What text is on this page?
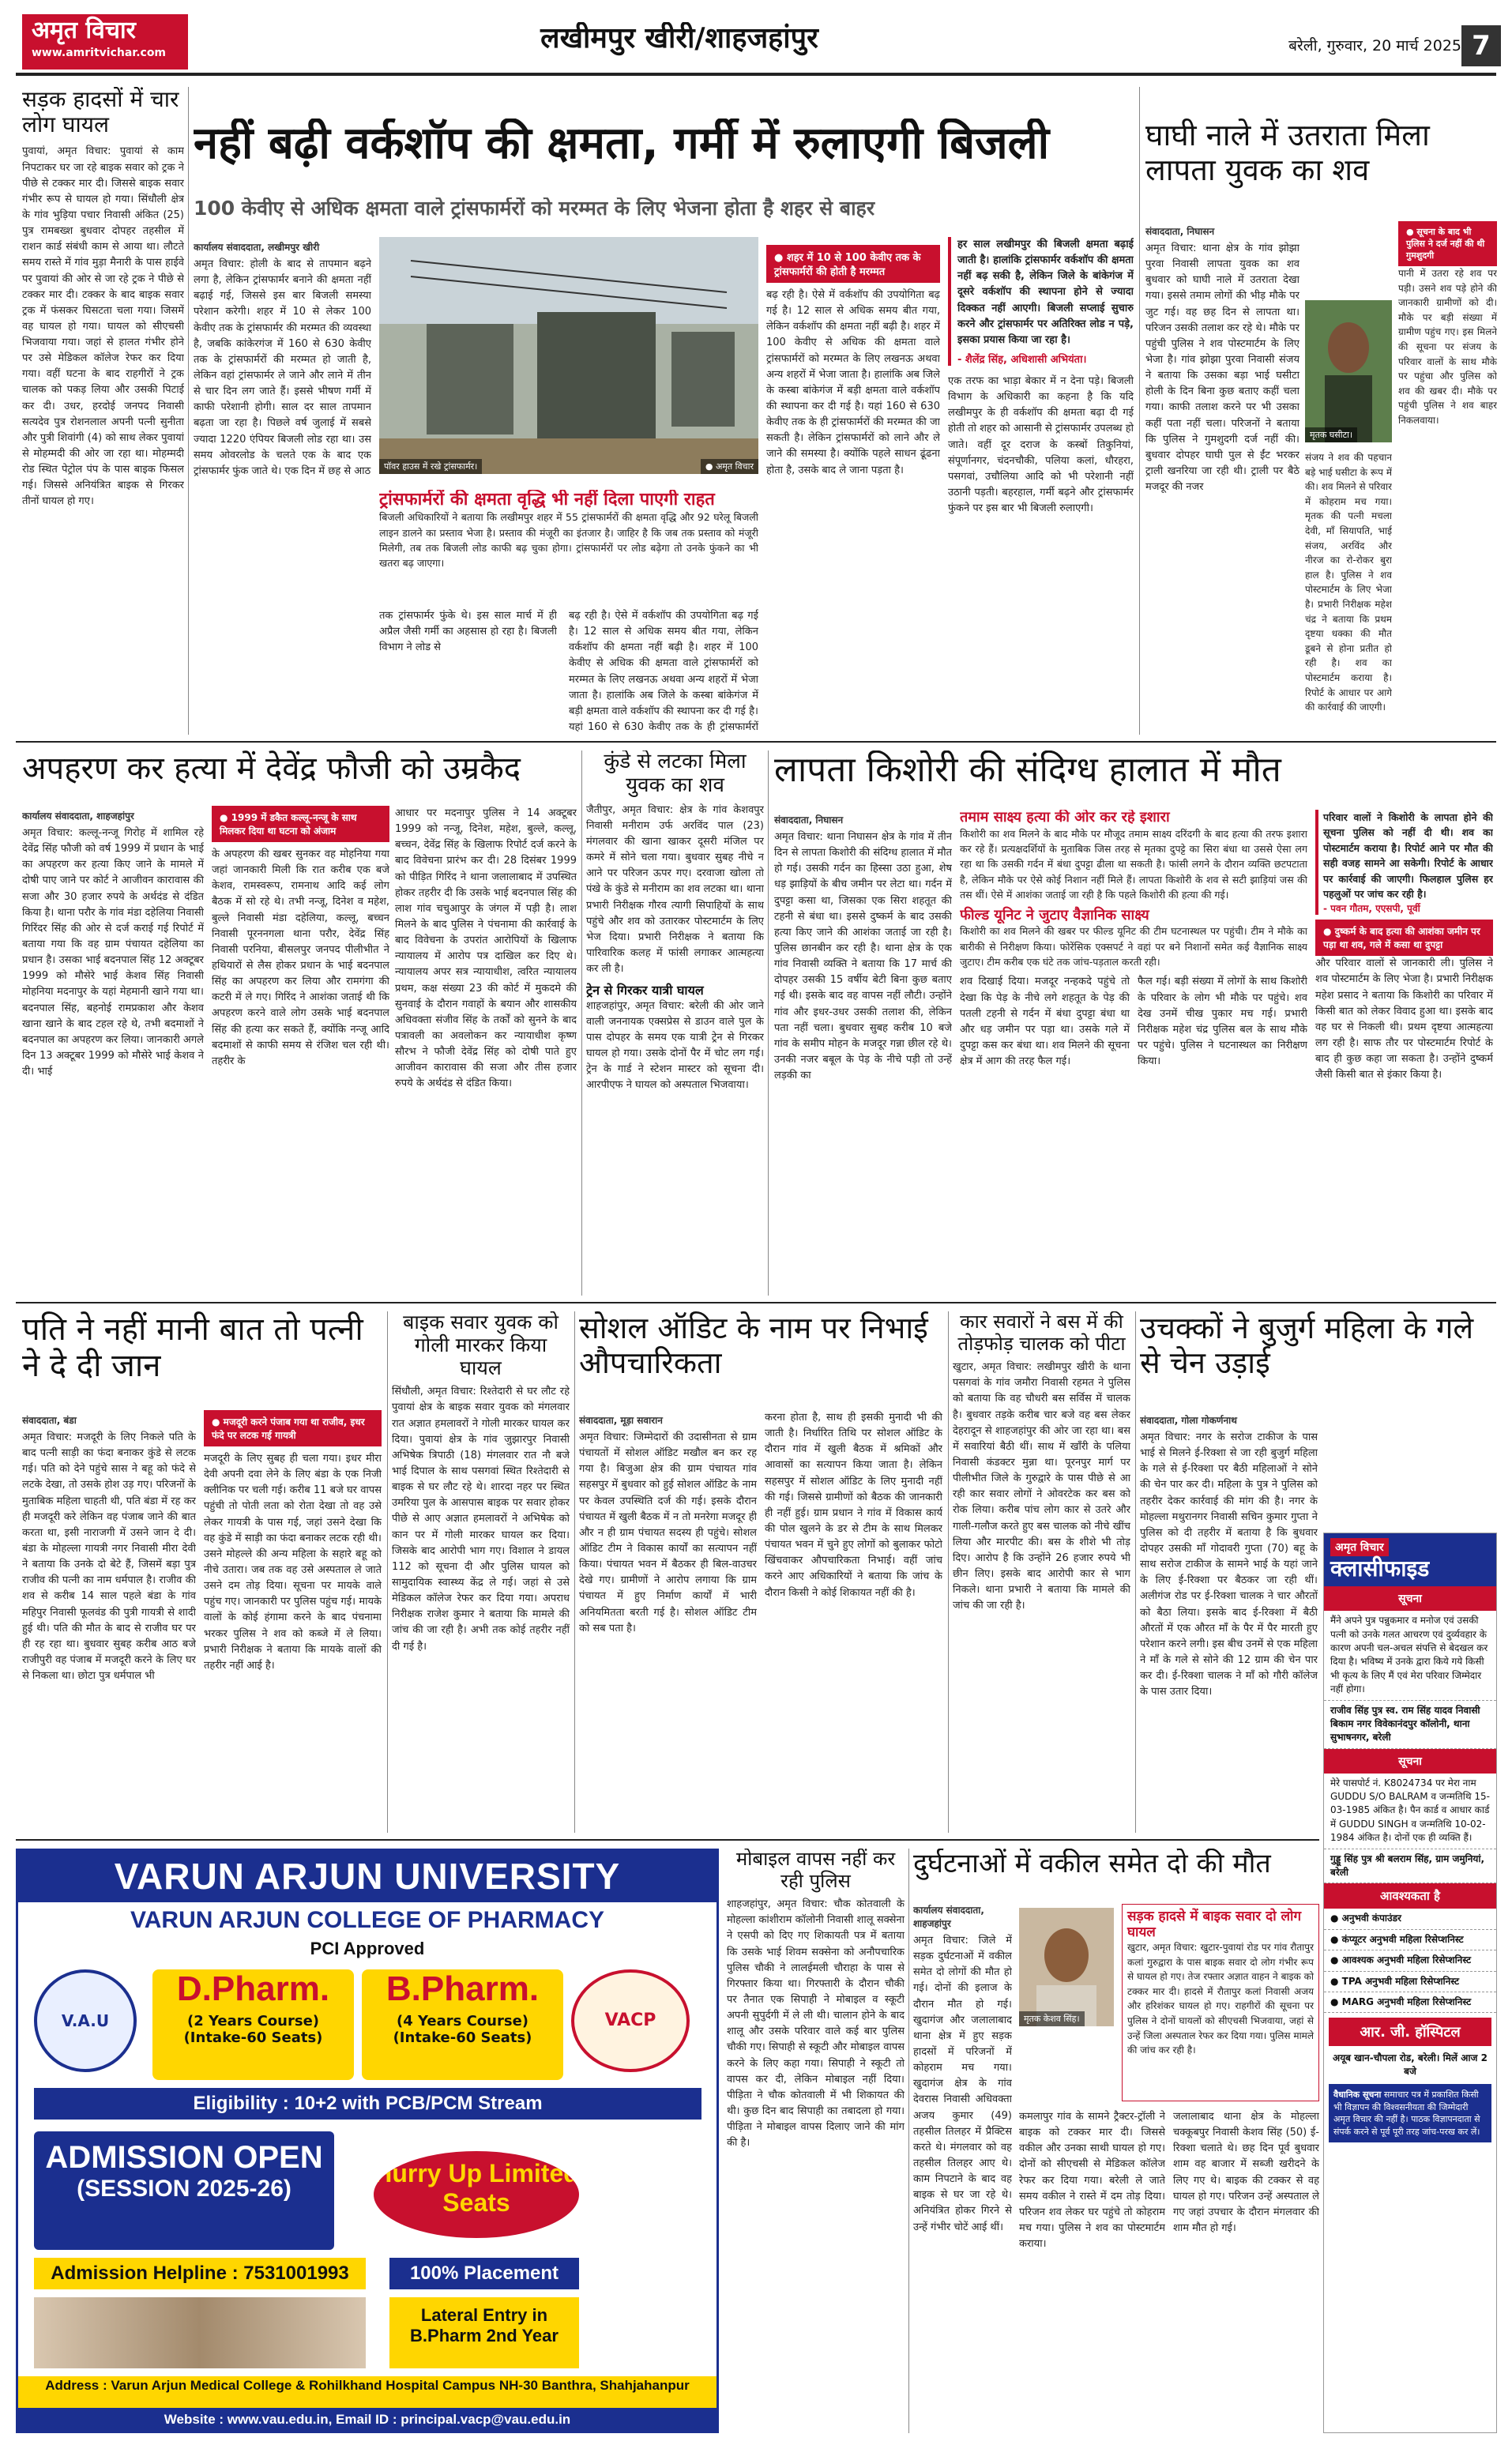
अमृत विचार
www.amritvichar.com	लखीमपुर खीरी/शाहजहांपुर	बरेली, गुरुवार, 20 मार्च 2025 7
सड़क हादसों में चार लोग घायल
पुवायां, अमृत विचार: पुवायां से काम निपटाकर घर जा रहे बाइक सवार को ट्रक ने पीछे से टक्कर मार दी। जिससे बाइक सवार गंभीर रूप से घायल हो गया। सिंधौली क्षेत्र के गांव भुड़िया पचार निवासी अंकित (25) पुत्र रामबख्श बुधवार दोपहर तहसील में राशन कार्ड संबंधी काम से आया था। लौटते समय रास्ते में गांव मुड़ा मैनारी के पास हाईवे पर पुवायां की ओर से जा रहे ट्रक ने पीछे से टक्कर मार दी। टक्कर के बाद बाइक सवार ट्रक में फंसकर घिसटता चला गया। जिसमें वह घायल हो गया। घायल को सीएचसी भिजवाया गया। जहां से हालत गंभीर होने पर उसे मेडिकल कॉलेज रेफर कर दिया गया। वहीं घटना के बाद राहगीरों ने ट्रक चालक को पकड़ लिया और उसकी पिटाई कर दी। उधर, हरदोई जनपद निवासी सत्यदेव पुत्र रोशनलाल अपनी पत्नी सुनीता और पुत्री शिवांगी (4) को साथ लेकर पुवायां से मोहम्मदी की ओर जा रहा था। मोहम्मदी रोड स्थित पेट्रोल पंप के पास बाइक फिसल गई। जिससे अनियंत्रित बाइक से गिरकर तीनों घायल हो गए।
नहीं बढ़ी वर्कशॉप की क्षमता, गर्मी में रुलाएगी बिजली
100 केवीए से अधिक क्षमता वाले ट्रांसफार्मरों को मरम्मत के लिए भेजना होता है शहर से बाहर
पॉवर हाउस में रखे ट्रांसफार्मर।	● अमृत विचार
कार्यालय संवाददाता, लखीमपुर खीरी
अमृत विचार: होली के बाद से तापमान बढ़ने लगा है, लेकिन ट्रांसफार्मर बनाने की क्षमता नहीं बढ़ाई गई, जिससे इस बार बिजली समस्या परेशान करेगी। शहर में 10 से लेकर 100 केवीए तक के ट्रांसफार्मर की मरम्मत की व्यवस्था है, जबकि कांकेरगंज में 160 से 630 केवीए तक के ट्रांसफार्मरों की मरम्मत हो जाती है, लेकिन वहां ट्रांसफार्मर ले जाने और लाने में तीन से चार दिन लग जाते हैं। इससे भीषण गर्मी में काफी परेशानी होगी। साल दर साल तापमान बढ़ता जा रहा है। पिछले वर्ष जुलाई में सबसे ज्यादा 1220 एंपियर बिजली लोड रहा था। उस समय ओवरलोड के चलते एक के बाद एक ट्रांसफार्मर फुंक जाते थे। एक दिन में छह से आठ
ट्रांसफार्मरों की क्षमता वृद्धि भी नहीं दिला पाएगी राहत
बिजली अधिकारियों ने बताया कि लखीमपुर शहर में 55 ट्रांसफार्मरों की क्षमता वृद्धि और 92 घरेलू बिजली लाइन डालने का प्रस्ताव भेजा है। प्रस्ताव की मंजूरी का इंतजार है। जाहिर है कि जब तक प्रस्ताव को मंजूरी मिलेगी, तब तक बिजली लोड काफी बढ़ चुका होगा। ट्रांसफार्मरों पर लोड बढ़ेगा तो उनके फुंकने का भी खतरा बढ़ जाएगा।
तक ट्रांसफार्मर फुंके थे। इस साल मार्च में ही अप्रैल जैसी गर्मी का अहसास हो रहा है। बिजली विभाग ने लोड से
बढ़ रही है। ऐसे में वर्कशॉप की उपयोगिता बढ़ गई है। 12 साल से अधिक समय बीत गया, लेकिन वर्कशॉप की क्षमता नहीं बढ़ी है। शहर में 100 केवीए से अधिक की क्षमता वाले ट्रांसफार्मरों को मरम्मत के लिए लखनऊ अथवा अन्य शहरों में भेजा जाता है। हालांकि अब जिले के कस्बा बांकेगंज में बड़ी क्षमता वाले वर्कशॉप की स्थापना कर दी गई है। यहां 160 से 630 केवीए तक के ही ट्रांसफार्मरों
● शहर में 10 से 100 केवीए तक के ट्रांसफार्मरों की होती है मरम्मत
बढ़ रही है। ऐसे में वर्कशॉप की उपयोगिता बढ़ गई है। 12 साल से अधिक समय बीत गया, लेकिन वर्कशॉप की क्षमता नहीं बढ़ी है। शहर में 100 केवीए से अधिक की क्षमता वाले ट्रांसफार्मरों को मरम्मत के लिए लखनऊ अथवा अन्य शहरों में भेजा जाता है। हालांकि अब जिले के कस्बा बांकेगंज में बड़ी क्षमता वाले वर्कशॉप की स्थापना कर दी गई है। यहां 160 से 630 केवीए तक के ही ट्रांसफार्मरों की मरम्मत की जा सकती है। लेकिन ट्रांसफार्मरों को लाने और ले जाने की समस्या है। क्योंकि पहले साधन ढूंढना होता है, उसके बाद ले जाना पड़ता है।
हर साल लखीमपुर की बिजली क्षमता बढ़ाई जाती है। हालांकि ट्रांसफार्मर वर्कशॉप की क्षमता नहीं बढ़ सकी है, लेकिन जिले के बांकेगंज में दूसरे वर्कशॉप की स्थापना होने से ज्यादा दिक्कत नहीं आएगी। बिजली सप्लाई सुचारु करने और ट्रांसफार्मर पर अतिरिक्त लोड न पड़े, इसका प्रयास किया जा रहा है।
- शैलेंद्र सिंह, अधिशासी अभियंता।
एक तरफ का भाड़ा बेकार में न देना पड़े। बिजली विभाग के अधिकारी का कहना है कि यदि लखीमपुर के ही वर्कशॉप की क्षमता बढ़ा दी गई होती तो शहर को आसानी से ट्रांसफार्मर उपलब्ध हो जाते। वहीं दूर दराज के कस्बों तिकुनियां, संपूर्णानगर, चंदनचौकी, पलिया कलां, धौरहरा, पसगवां, उचौलिया आदि को भी परेशानी नहीं उठानी पड़ती। बहरहाल, गर्मी बढ़ने और ट्रांसफार्मर फुंकने पर इस बार भी बिजली रुलाएगी।
घाघी नाले में उतराता मिला लापता युवक का शव
संवाददाता, निघासन
अमृत विचार: थाना क्षेत्र के गांव झोझा पुरवा निवासी लापता युवक का शव बुधवार को घाघी नाले में उतराता देखा गया। इससे तमाम लोगों की भीड़ मौके पर जुट गई। वह छह दिन से लापता था। परिजन उसकी तलाश कर रहे थे। मौके पर पहुंची पुलिस ने शव पोस्टमार्टम के लिए भेजा है। गांव झोझा पुरवा निवासी संजय ने बताया कि उसका बड़ा भाई घसीटा होली के दिन बिना कुछ बताए कहीं चला गया। काफी तलाश करने पर भी उसका कहीं पता नहीं चला। परिजनों ने बताया कि पुलिस ने गुमशुदगी दर्ज नहीं की। बुधवार दोपहर घाघी पुल से ईंट भरकर ट्राली खनरिया जा रही थी। ट्राली पर बैठे मजदूर की नजर
मृतक घसीटा।
● सूचना के बाद भी पुलिस ने दर्ज नहीं की थी गुमशुदगी
पानी में उतरा रहे शव पर पड़ी। उसने शव पड़े होने की जानकारी ग्रामीणों को दी। मौके पर बड़ी संख्या में ग्रामीण पहुंच गए। इस मिलने की सूचना पर संजय के परिवार वालों के साथ मौके पर पहुंचा और पुलिस को शव की खबर दी। मौके पर पहुंची पुलिस ने शव बाहर निकलवाया।
संजय ने शव की पहचान बड़े भाई घसीटा के रूप में की। शव मिलने से परिवार में कोहराम मच गया। मृतक की पत्नी मचला देवी, माँ सियापति, भाई संजय, अरविंद और नीरज का रो-रोकर बुरा हाल है। पुलिस ने शव पोस्टमार्टम के लिए भेजा है। प्रभारी निरीक्षक महेश चंद्र ने बताया कि प्रथम दृष्टया धक्का की मौत डूबने से होना प्रतीत हो रही है। शव का पोस्टमार्टम कराया है। रिपोर्ट के आधार पर आगे की कार्रवाई की जाएगी।
अपहरण कर हत्या में देवेंद्र फौजी को उम्रकैद
कार्यालय संवाददाता, शाहजहांपुर
अमृत विचार: कल्लू-नन्जू गिरोह में शामिल रहे देवेंद्र सिंह फौजी को वर्ष 1999 में प्रधान के भाई का अपहरण कर हत्या किए जाने के मामले में दोषी पाए जाने पर कोर्ट ने आजीवन कारावास की सजा और 30 हजार रुपये के अर्थदंड से दंडित किया है। थाना परौर के गांव मंडा दहेलिया निवासी गिरिंदर सिंह की ओर से दर्ज कराई गई रिपोर्ट में बताया गया कि वह ग्राम पंचायत दहेलिया का प्रधान है। उसका भाई बदनपाल सिंह 12 अक्टूबर 1999 को मौसेरे भाई केशव सिंह निवासी मोहनिया मदनापुर के यहां मेहमानी खाने गया था। बदनपाल सिंह, बहनोई रामप्रकाश और केशव खाना खाने के बाद टहल रहे थे, तभी बदमाशों ने बदनपाल का अपहरण कर लिया। जानकारी अगले दिन 13 अक्टूबर 1999 को मौसेरे भाई केशव ने दी। भाई
● 1999 में डकैत कल्लू-नन्जू के साथ मिलकर दिया था घटना को अंजाम
के अपहरण की खबर सुनकर वह मोहनिया गया जहां जानकारी मिली कि रात करीब एक बजे केशव, रामस्वरूप, रामनाथ आदि कई लोग बैठक में सो रहे थे। तभी नन्जू, दिनेश व महेश, बुल्ले निवासी मंडा दहेलिया, कल्लू, बच्चन निवासी पूरननगला थाना परौर, देवेंद्र सिंह निवासी परनिया, बीसलपुर जनपद पीलीभीत ने हथियारों से लैस होकर प्रधान के भाई बदनपाल सिंह का अपहरण कर लिया और रामगंगा की कटरी में ले गए। गिरिंद ने आशंका जताई थी कि अपहरण करने वाले लोग उसके भाई बदनपाल सिंह की हत्या कर सकते हैं, क्योंकि नन्जू आदि बदमाशों से काफी समय से रंजिश चल रही थी। तहरीर के
आधार पर मदनापुर पुलिस ने 14 अक्टूबर 1999 को नन्जू, दिनेश, महेश, बुल्ले, कल्लू, बच्चन, देवेंद्र सिंह के खिलाफ रिपोर्ट दर्ज करने के बाद विवेचना प्रारंभ कर दी। 28 दिसंबर 1999 को पीड़ित गिरिंद ने थाना जलालाबाद में उपस्थित होकर तहरीर दी कि उसके भाई बदनपाल सिंह की लाश गांव चचुआपुर के जंगल में पड़ी है। लाश मिलने के बाद पुलिस ने पंचनामा की कार्रवाई के बाद विवेचना के उपरांत आरोपियों के खिलाफ न्यायालय में आरोप पत्र दाखिल कर दिए थे। न्यायालय अपर सत्र न्यायाधीश, त्वरित न्यायालय प्रथम, कक्ष संख्या 23 की कोर्ट में मुकदमे की सुनवाई के दौरान गवाहों के बयान और शासकीय अधिवक्ता संजीव सिंह के तर्कों को सुनने के बाद पत्रावली का अवलोकन कर न्यायाधीश कृष्ण सौरभ ने फौजी देवेंद्र सिंह को दोषी पाते हुए आजीवन कारावास की सजा और तीस हजार रुपये के अर्थदंड से दंडित किया।
कुंडे से लटका मिला युवक का शव
जैतीपुर, अमृत विचार: क्षेत्र के गांव केशवपुर निवासी मनीराम उर्फ अरविंद पाल (23) मंगलवार की खाना खाकर दूसरी मंजिल पर कमरे में सोने चला गया। बुधवार सुबह नीचे न आने पर परिजन ऊपर गए। दरवाजा खोला तो पंखे के कुंडे से मनीराम का शव लटका था। थाना प्रभारी निरीक्षक गौरव त्यागी सिपाहियों के साथ पहुंचे और शव को उतारकर पोस्टमार्टम के लिए भेज दिया। प्रभारी निरीक्षक ने बताया कि पारिवारिक कलह में फांसी लगाकर आत्महत्या कर ली है।
ट्रेन से गिरकर यात्री घायल
शाहजहांपुर, अमृत विचार: बरेली की ओर जाने वाली जननायक एक्सप्रेस से डाउन वाले पुल के पास दोपहर के समय एक यात्री ट्रेन से गिरकर घायल हो गया। उसके दोनों पैर में चोट लग गई। ट्रेन के गार्ड ने स्टेशन मास्टर को सूचना दी। आरपीएफ ने घायल को अस्पताल भिजवाया।
लापता किशोरी की संदिग्ध हालात में मौत
संवाददाता, निघासन
अमृत विचार: थाना निघासन क्षेत्र के गांव में तीन दिन से लापता किशोरी की संदिग्ध हालात में मौत हो गई। उसकी गर्दन का हिस्सा उठा हुआ, शेष धड़ झाड़ियों के बीच जमीन पर लेटा था। गर्दन में दुपट्टा कसा था, जिसका एक सिरा शहतूत की टहनी से बंधा था। इससे दुष्कर्म के बाद उसकी हत्या किए जाने की आशंका जताई जा रही है। पुलिस छानबीन कर रही है। थाना क्षेत्र के एक गांव निवासी व्यक्ति ने बताया कि 17 मार्च की दोपहर उसकी 15 वर्षीय बेटी बिना कुछ बताए गई थी। इसके बाद वह वापस नहीं लौटी। उन्होंने गांव और इधर-उधर उसकी तलाश की, लेकिन पता नहीं चला। बुधवार सुबह करीब 10 बजे गांव के समीप मोहन के मजदूर गन्ना छील रहे थे। उनकी नजर बबूल के पेड़ के नीचे पड़ी तो उन्हें लड़की का
तमाम साक्ष्य हत्या की ओर कर रहे इशारा
किशोरी का शव मिलने के बाद मौके पर मौजूद तमाम साक्ष्य दरिंदगी के बाद हत्या की तरफ इशारा कर रहे हैं। प्रत्यक्षदर्शियों के मुताबिक जिस तरह से मृतका दुपट्टे का सिरा बंधा था उससे ऐसा लग रहा था कि उसकी गर्दन में बंधा दुपट्टा ढीला था सकती है। फांसी लगने के दौरान व्यक्ति छटपटाता है, लेकिन मौके पर ऐसे कोई निशान नहीं मिले हैं। लापता किशोरी के शव से सटी झाड़ियां जस की तस थीं। ऐसे में आशंका जताई जा रही है कि पहले किशोरी की हत्या की गई।
फील्ड यूनिट ने जुटाए वैज्ञानिक साक्ष्य
किशोरी का शव मिलने की खबर पर फील्ड यूनिट की टीम घटनास्थल पर पहुंची। टीम ने मौके का बारीकी से निरीक्षण किया। फोरेंसिक एक्सपर्ट ने वहां पर बने निशानों समेत कई वैज्ञानिक साक्ष्य जुटाए। टीम करीब एक घंटे तक जांच-पड़ताल करती रही।
शव दिखाई दिया। मजदूर नन्हकदे पहुंचे तो देखा कि पेड़ के नीचे लगे शहतूत के पेड़ की पतली टहनी से गर्दन में बंधा दुपट्टा बंधा था और धड़ जमीन पर पड़ा था। उसके गले में दुपट्टा कस कर बंधा था। शव मिलने की सूचना क्षेत्र में आग की तरह फैल गई।
फैल गई। बड़ी संख्या में लोगों के साथ किशोरी के परिवार के लोग भी मौके पर पहुंचे। शव देख उनमें चीख पुकार मच गई। प्रभारी निरीक्षक महेश चंद्र पुलिस बल के साथ मौके पर पहुंचे। पुलिस ने घटनास्थल का निरीक्षण किया।
परिवार वालों ने किशोरी के लापता होने की सूचना पुलिस को नहीं दी थी। शव का पोस्टमार्टम कराया है। रिपोर्ट आने पर मौत की सही वजह सामने आ सकेगी। रिपोर्ट के आधार पर कार्रवाई की जाएगी। फिलहाल पुलिस हर पहलुओं पर जांच कर रही है।
- पवन गौतम, एएसपी, पूर्वी
● दुष्कर्म के बाद हत्या की आशंका जमीन पर पड़ा था शव, गले में कसा था दुपट्टा
और परिवार वालों से जानकारी ली। पुलिस ने शव पोस्टमार्टम के लिए भेजा है। प्रभारी निरीक्षक महेश प्रसाद ने बताया कि किशोरी का परिवार में किसी बात को लेकर विवाद हुआ था। इसके बाद वह घर से निकली थी। प्रथम दृष्टया आत्महत्या लग रही है। साफ तौर पर पोस्टमार्टम रिपोर्ट के बाद ही कुछ कहा जा सकता है। उन्होंने दुष्कर्म जैसी किसी बात से इंकार किया है।
पति ने नहीं मानी बात तो पत्नी ने दे दी जान
संवाददाता, बंडा
अमृत विचार: मजदूरी के लिए निकले पति के बाद पत्नी साड़ी का फंदा बनाकर कुंडे से लटक गई। पति को देने पहुंचे सास ने बहू को फंदे से लटके देखा, तो उसके होश उड़ गए। परिजनों के मुताबिक महिला चाहती थी, पति बंडा में रह कर ही मजदूरी करे लेकिन वह पंजाब जाने की बात करता था, इसी नाराजगी में उसने जान दे दी। बंडा के मोहल्ला गायत्री नगर निवासी मीरा देवी ने बताया कि उनके दो बेटे हैं, जिसमें बड़ा पुत्र राजीव की पत्नी का नाम धर्मपाल है। राजीव की शव से करीब 14 साल पहले बंडा के गांव महिपुर निवासी फूलवंड की पुत्री गायत्री से शादी हुई थी। पति की मौत के बाद से राजीव घर पर ही रह रहा था। बुधवार सुबह करीब आठ बजे राजीपुरी वह पंजाब में मजदूरी करने के लिए घर से निकला था। छोटा पुत्र धर्मपाल भी
● मजदूरी करने पंजाब गया था राजीव, इधर फंदे पर लटक गई गायत्री
मजदूरी के लिए सुबह ही चला गया। इधर मीरा देवी अपनी दवा लेने के लिए बंडा के एक निजी क्लीनिक पर चली गई। करीब 11 बजे घर वापस पहुंची तो पोती लता को रोता देखा तो वह उसे लेकर गायत्री के पास गई, जहां उसने देखा कि वह कुंडे में साड़ी का फंदा बनाकर लटक रही थी। उसने मोहल्ले की अन्य महिला के सहारे बहू को नीचे उतारा। जब तक वह उसे अस्पताल ले जाते उसने दम तोड़ दिया। सूचना पर मायके वाले पहुंच गए। जानकारी पर पुलिस पहुंच गई। मायके वालों के कोई हंगामा करने के बाद पंचनामा भरकर पुलिस ने शव को कब्जे में ले लिया। प्रभारी निरीक्षक ने बताया कि मायके वालों की तहरीर नहीं आई है।
बाइक सवार युवक को गोली मारकर किया घायल
सिंधौली, अमृत विचार: रिश्तेदारी से घर लौट रहे पुवायां क्षेत्र के बाइक सवार युवक को मंगलवार रात अज्ञात हमलावरों ने गोली मारकर घायल कर दिया। पुवायां क्षेत्र के गांव जुझारपुर निवासी अभिषेक त्रिपाठी (18) मंगलवार रात नौ बजे भाई दिपाल के साथ पसगवां स्थित रिश्तेदारी से बाइक से घर लौट रहे थे। शारदा नहर पर स्थित उमरिया पुल के आसपास बाइक पर सवार होकर पीछे से आए अज्ञात हमलावरों ने अभिषेक को कान पर में गोली मारकर घायल कर दिया। जिसके बाद आरोपी भाग गए। विशाल ने डायल 112 को सूचना दी और पुलिस घायल को सामुदायिक स्वास्थ्य केंद्र ले गई। जहां से उसे मेडिकल कॉलेज रेफर कर दिया गया। अपराध निरीक्षक राजेश कुमार ने बताया कि मामले की जांच की जा रही है। अभी तक कोई तहरीर नहीं दी गई है।
सोशल ऑडिट के नाम पर निभाई औपचारिकता
संवाददाता, मूड़ा सवारान
अमृत विचार: जिम्मेदारों की उदासीनता से ग्राम पंचायतों में सोशल ऑडिट मखौल बन कर रह गया है। बिजुआ क्षेत्र की ग्राम पंचायत गांव सहसपुर में बुधवार को हुई सोशल ऑडिट के नाम पर केवल उपस्थिति दर्ज की गई। इसके दौरान पंचायत में खुली बैठक में न तो मनरेगा मजदूर ही और न ही ग्राम पंचायत सदस्य ही पहुंचे। सोशल ऑडिट टीम ने विकास कार्यों का सत्यापन नहीं किया। पंचायत भवन में बैठकर ही बिल-वाउचर देखे गए। ग्रामीणों ने आरोप लगाया कि ग्राम पंचायत में हुए निर्माण कार्यों में भारी अनियमितता बरती गई है। सोशल ऑडिट टीम को सब पता है।
करना होता है, साथ ही इसकी मुनादी भी की जाती है। निर्धारित तिथि पर सोशल ऑडिट के दौरान गांव में खुली बैठक में श्रमिकों और आवासों का सत्यापन किया जाता है। लेकिन सहसपुर में सोशल ऑडिट के लिए मुनादी नहीं की गई। जिससे ग्रामीणों को बैठक की जानकारी ही नहीं हुई। ग्राम प्रधान ने गांव में विकास कार्य की पोल खुलने के डर से टीम के साथ मिलकर पंचायत भवन में चुने हुए लोगों को बुलाकर फोटो खिंचवाकर औपचारिकता निभाई। वहीं जांच करने आए अधिकारियों ने बताया कि जांच के दौरान किसी ने कोई शिकायत नहीं की है।
कार सवारों ने बस में की तोड़फोड़ चालक को पीटा
खुटार, अमृत विचार: लखीमपुर खीरी के थाना पसगवां के गांव जमौरा निवासी रहमत ने पुलिस को बताया कि वह चौधरी बस सर्विस में चालक है। बुधवार तड़के करीब चार बजे वह बस लेकर देहरादून से शाहजहांपुर की ओर जा रहा था। बस में सवारियां बैठी थीं। साथ में खाँरी के पलिया निवासी कंडक्टर मुन्ना था। पूरनपुर मार्ग पर पीलीभीत जिले के गुरुद्वारे के पास पीछे से आ रही कार सवार लोगों ने ओवरटेक कर बस को रोक लिया। करीब पांच लोग कार से उतरे और गाली-गलौज करते हुए बस चालक को नीचे खींच लिया और मारपीट की। बस के शीशे भी तोड़ दिए। आरोप है कि उन्होंने 26 हजार रुपये भी छीन लिए। इसके बाद आरोपी कार से भाग निकले। थाना प्रभारी ने बताया कि मामले की जांच की जा रही है।
उचक्कों ने बुजुर्ग महिला के गले से चेन उड़ाई
संवाददाता, गोला गोकर्णनाथ
अमृत विचार: नगर के सरोज टाकीज के पास भाई से मिलने ई-रिक्शा से जा रही बुजुर्ग महिला के गले से ई-रिक्शा पर बैठी महिलाओं ने सोने की चेन पार कर दी। महिला के पुत्र ने पुलिस को तहरीर देकर कार्रवाई की मांग की है। नगर के मोहल्ला मथुरानगर निवासी सचिन कुमार गुप्ता ने पुलिस को दी तहरीर में बताया है कि बुधवार दोपहर उसकी माँ गोदावरी गुप्ता (70) बहू के साथ सरोज टाकीज के सामने भाई के यहां जाने के लिए ई-रिक्शा पर बैठकर जा रही थीं। अलीगंज रोड पर ई-रिक्शा चालक ने चार औरतों को बैठा लिया। इसके बाद ई-रिक्शा में बैठी औरतों में एक औरत माँ के पैर में पैर मारती हुए परेशान करने लगी। इस बीच उनमें से एक महिला ने माँ के गले से सोने की 12 ग्राम की चेन पार कर दी। ई-रिक्शा चालक ने माँ को गौरी कॉलेज के पास उतार दिया।
अमृत विचार
क्लासीफाइड
सूचना
मैंने अपने पुत्र पन्नुकमार व मनोज एवं उसकी पत्नी को उनके गलत आचरण एवं दुर्व्यवहार के कारण अपनी चल-अचल संपत्ति से बेदखल कर दिया है। भविष्य में उनके द्वारा किये गये किसी भी कृत्य के लिए मैं एवं मेरा परिवार जिम्मेदार नहीं होगा।
राजीव सिंह पुत्र स्व. राम सिंह यादव निवासी बिकाम नगर विवेकानंदपुर कॉलोनी, थाना सुभाषनगर, बरेली
सूचना
मेरे पासपोर्ट नं. K8024734 पर मेरा नाम GUDDU S/O BALRAM व जन्मतिथि 15-03-1985 अंकित है। पैन कार्ड व आधार कार्ड में GUDDU SINGH व जन्मतिथि 10-02-1984 अंकित है। दोनों एक ही व्यक्ति हैं।
गुड्डू सिंह पुत्र श्री बलराम सिंह, ग्राम जमुनियां, बरेली
आवश्यकता है
● अनुभवी कंपाउंडर
● कंप्यूटर अनुभवी महिला रिसेप्शनिस्ट
● आवश्यक अनुभवी महिला रिसेप्शनिस्ट
● TPA अनुभवी महिला रिसेप्शनिस्ट
● MARG अनुभवी महिला रिसेप्शनिस्ट
आर. जी. हॉस्पिटल
अयूब खान-चौपला रोड, बरेली। मिलें आज 2 बजे
वैधानिक सूचना समाचार पत्र में प्रकाशित किसी भी विज्ञापन की विश्वसनीयता की जिम्मेदारी अमृत विचार की नहीं है। पाठक विज्ञापनदाता से संपर्क करने से पूर्व पूरी तरह जांच-परख कर लें।
VARUN ARJUN UNIVERSITY
VARUN ARJUN COLLEGE OF PHARMACY
PCI Approved
V.A.U	VACP
D.Pharm.
(2 Years Course) (Intake-60 Seats)
B.Pharm.
(4 Years Course) (Intake-60 Seats)
Eligibility : 10+2 with PCB/PCM Stream
ADMISSION OPEN
(SESSION 2025-26)
Hurry Up Limited Seats
Admission Helpline : 7531001993	100% Placement
Lateral Entry in B.Pharm 2nd Year
Address : Varun Arjun Medical College & Rohilkhand Hospital Campus NH-30 Banthra, Shahjahanpur
Website : www.vau.edu.in, Email ID : principal.vacp@vau.edu.in
मोबाइल वापस नहीं कर रही पुलिस
शाहजहांपुर, अमृत विचार: चौक कोतवाली के मोहल्ला कांशीराम कॉलोनी निवासी शालू सक्सेना ने एसपी को दिए गए शिकायती पत्र में बताया कि उसके भाई शिवम सक्सेना को अनौपचारिक पुलिस चौकी ने लालईमली चौराहा के पास से गिरफ्तार किया था। गिरफ्तारी के दौरान चौकी पर तैनात एक सिपाही ने मोबाइल व स्कूटी अपनी सुपुर्दगी में ले ली थी। चालान होने के बाद शालू और उसके परिवार वाले कई बार पुलिस चौकी गए। सिपाही से स्कूटी और मोबाइल वापस करने के लिए कहा गया। सिपाही ने स्कूटी तो वापस कर दी, लेकिन मोबाइल नहीं दिया। पीड़िता ने चौक कोतवाली में भी शिकायत की थी। कुछ दिन बाद सिपाही का तबादला हो गया। पीड़िता ने मोबाइल वापस दिलाए जाने की मांग की है।
दुर्घटनाओं में वकील समेत दो की मौत
कार्यालय संवाददाता, शाहजहांपुर
अमृत विचार: जिले में सड़क दुर्घटनाओं में वकील समेत दो लोगों की मौत हो गई। दोनों की इलाज के दौरान मौत हो गई। खुदागंज और जलालाबाद थाना क्षेत्र में हुए सड़क हादसों में परिजनों में कोहराम मच गया। खुदागंज क्षेत्र के गांव देवरास निवासी अधिवक्ता अजय कुमार (49) तहसील तिलहर में प्रैक्टिस करते थे। मंगलवार को वह तहसील तिलहर आए थे। काम निपटाने के बाद वह बाइक से घर जा रहे थे। अनियंत्रित होकर गिरने से उन्हें गंभीर चोटें आई थीं।
मृतक केशव सिंह।
सड़क हादसे में बाइक सवार दो लोग घायल
खुटार, अमृत विचार: खुटार-पुवायां रोड पर गांव रौतापुर कलां गुरुद्वारा के पास बाइक सवार दो लोग गंभीर रूप से घायल हो गए। तेज रफ्तार अज्ञात वाहन ने बाइक को टक्कर मार दी। हादसे में रौतापुर कलां निवासी अजय और हरिशंकर घायल हो गए। राहगीरों की सूचना पर पुलिस ने दोनों घायलों को सीएचसी भिजवाया, जहां से उन्हें जिला अस्पताल रेफर कर दिया गया। पुलिस मामले की जांच कर रही है।
कमलापुर गांव के सामने ट्रैक्टर-ट्रॉली ने बाइक को टक्कर मार दी। जिससे वकील और उनका साथी घायल हो गए। दोनों को सीएचसी से मेडिकल कॉलेज रेफर कर दिया गया। बरेली ले जाते समय वकील ने रास्ते में दम तोड़ दिया। परिजन शव लेकर घर पहुंचे तो कोहराम मच गया। पुलिस ने शव का पोस्टमार्टम कराया।
जलालाबाद थाना क्षेत्र के मोहल्ला चक्कूबपुर निवासी केशव सिंह (50) ई-रिक्शा चलाते थे। छह दिन पूर्व बुधवार शाम वह बाजार में सब्जी खरीदने के लिए गए थे। बाइक की टक्कर से वह घायल हो गए। परिजन उन्हें अस्पताल ले गए जहां उपचार के दौरान मंगलवार की शाम मौत हो गई।
